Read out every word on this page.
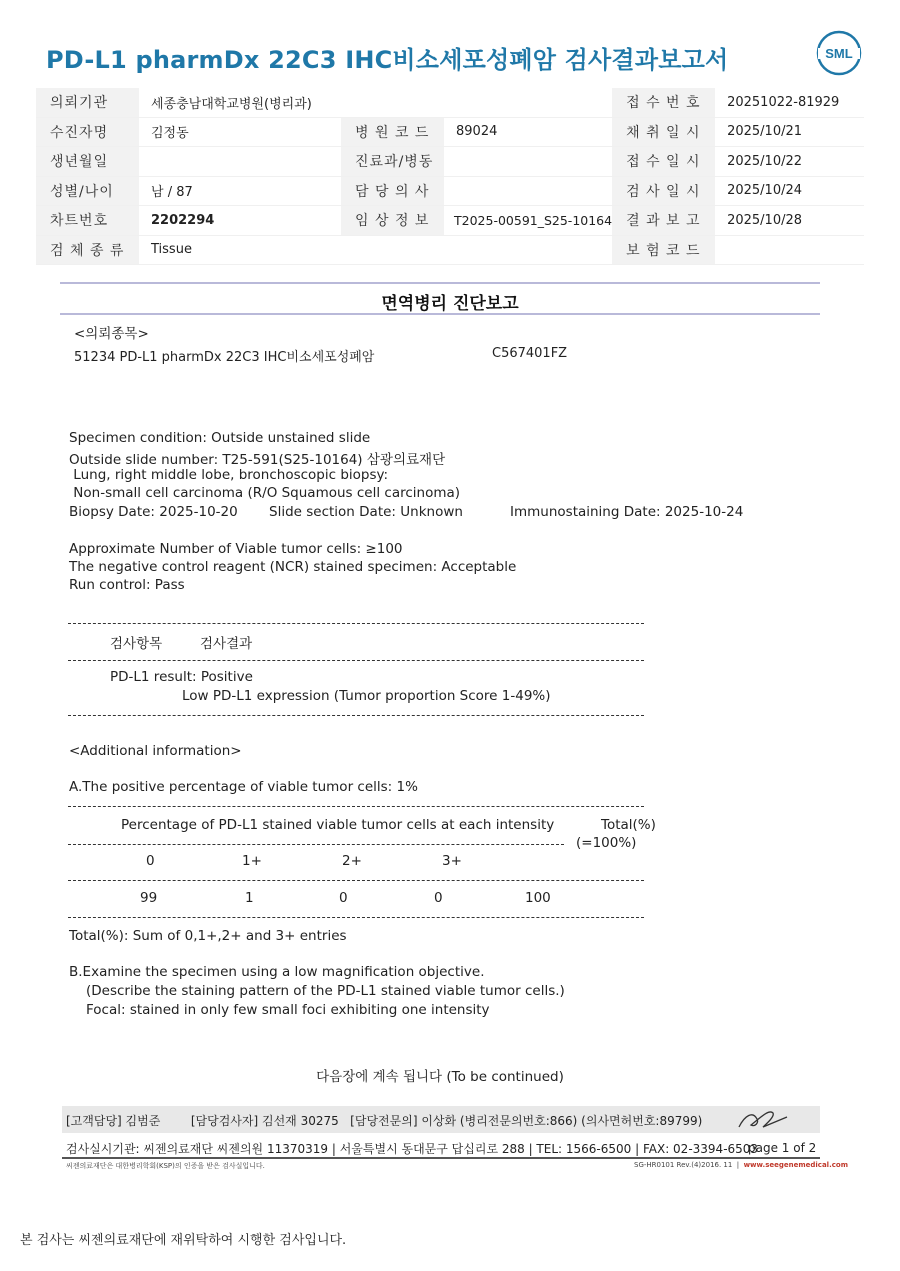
PD-L1 pharmDx 22C3 IHC비소세포성폐암 검사결과보고서	SML
의뢰기관	세종충남대학교병원(병리과)			접 수 번 호	20251022-81929
수진자명	김정동	병 원 코 드	89024	채 취 일 시	2025/10/21
생년월일		진료과/병동		접 수 일 시	2025/10/22
성별/나이	남 / 87	담 당 의 사		검 사 일 시	2025/10/24
차트번호	2202294	임 상 정 보	T2025-00591_S25-10164	결 과 보 고	2025/10/28
검 체 종 류	Tissue			보 험 코 드	
면역병리 진단보고
<의뢰종목>
51234 PD-L1 pharmDx 22C3 IHC비소세포성폐암	C567401FZ
Specimen condition: Outside unstained slide
Outside slide number: T25-591(S25-10164) 삼광의료재단
Lung, right middle lobe, bronchoscopic biopsy:
Non-small cell carcinoma (R/O Squamous cell carcinoma)
Biopsy Date: 2025-10-20 Slide section Date: Unknown	Immunostaining Date: 2025-10-24
Approximate Number of Viable tumor cells: ≥100
The negative control reagent (NCR) stained specimen: Acceptable
Run control: Pass
검사항목	검사결과
PD-L1 result: Positive
Low PD-L1 expression (Tumor proportion Score 1-49%)
<Additional information>
A.The positive percentage of viable tumor cells: 1%
Percentage of PD-L1 stained viable tumor cells at each intensity	Total(%)
(=100%)
0	1+	2+	3+
99	1	0	0	100
Total(%): Sum of 0,1+,2+ and 3+ entries
B.Examine the specimen using a low magnification objective.
(Describe the staining pattern of the PD-L1 stained viable tumor cells.)
Focal: stained in only few small foci exhibiting one intensity
다음장에 계속 됩니다 (To be continued)
[고객담당] 김범준        [담당검사자] 김선재 30275   [담당전문의] 이상화 (병리전문의번호:866) (의사면허번호:89799)
검사실시기관: 씨젠의료재단 씨젠의원 11370319 | 서울특별시 동대문구 답십리로 288 | TEL: 1566-6500 | FAX: 02-3394-6503
page 1 of 2
씨젠의료재단은 대한병리학회(KSP)의 인증을 받은 검사실입니다.	SG-HR0101 Rev.(4)2016. 11  |  www.seegenemedical.com
본 검사는 씨젠의료재단에 재위탁하여 시행한 검사입니다.
